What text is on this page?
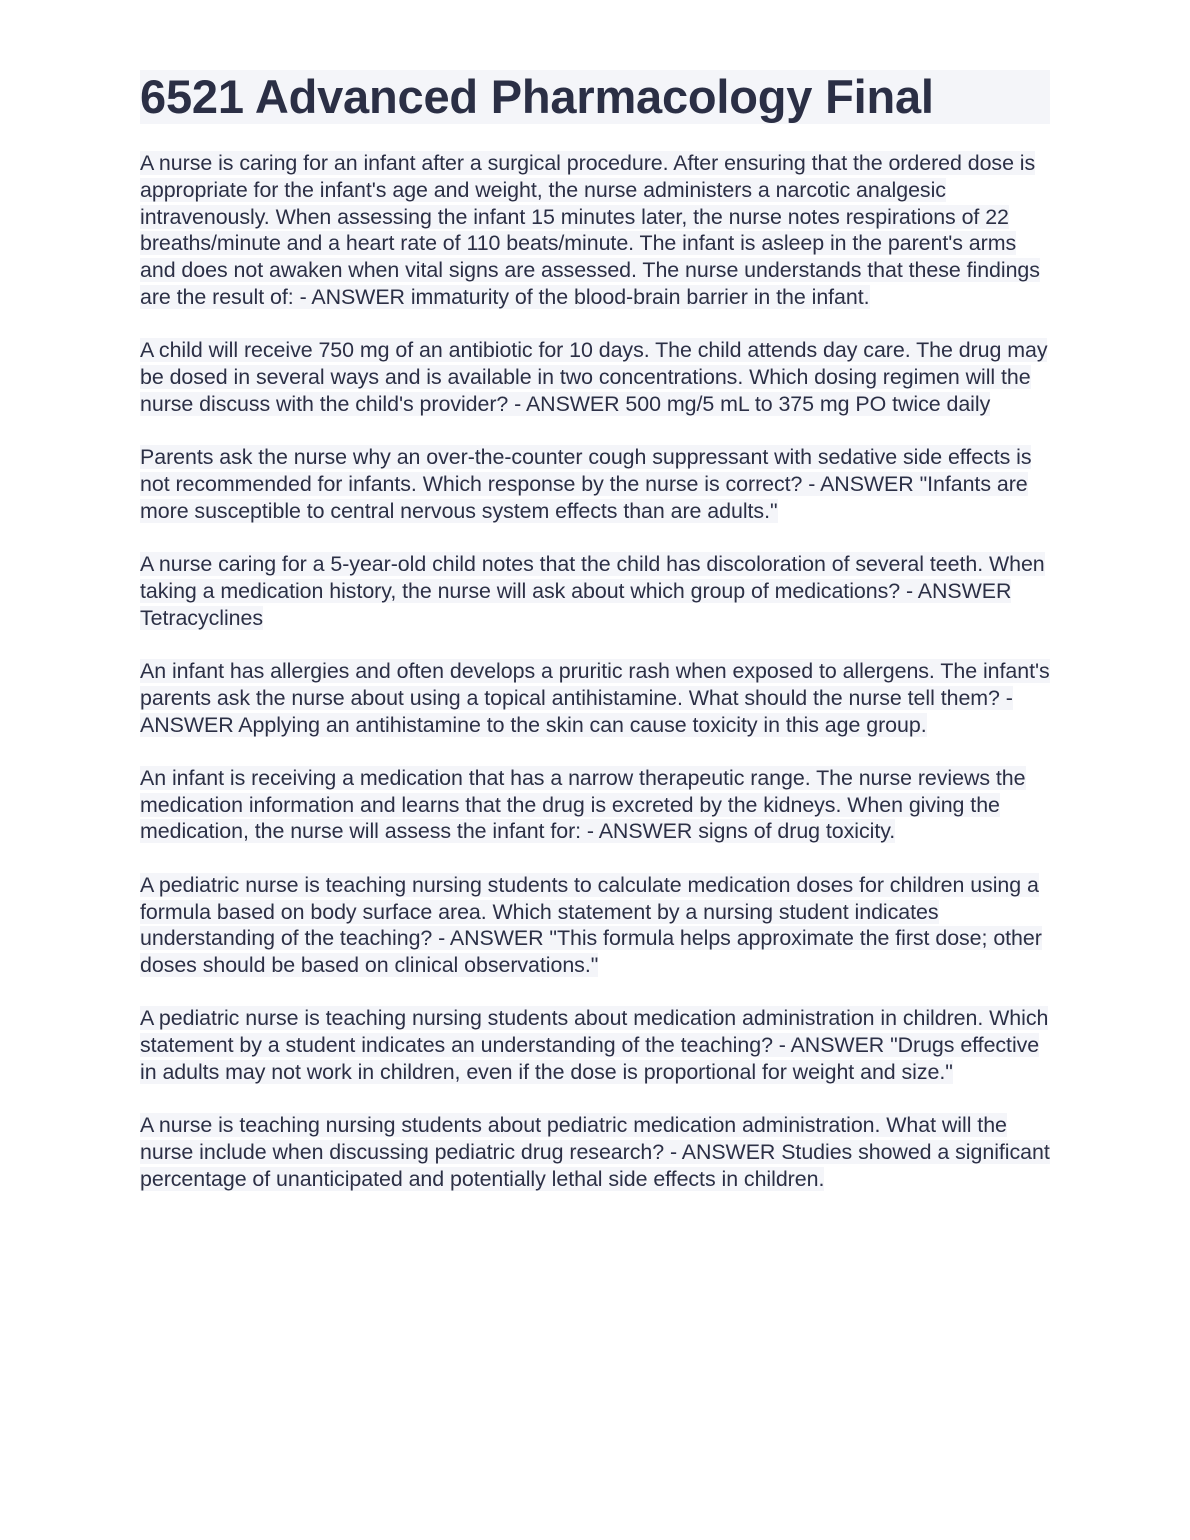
6521 Advanced Pharmacology Final

A nurse is caring for an infant after a surgical procedure. After ensuring that the ordered dose is appropriate for the infant's age and weight, the nurse administers a narcotic analgesic intravenously. When assessing the infant 15 minutes later, the nurse notes respirations of 22 breaths/minute and a heart rate of 110 beats/minute. The infant is asleep in the parent's arms and does not awaken when vital signs are assessed. The nurse understands that these findings are the result of: - ANSWER immaturity of the blood-brain barrier in the infant.

A child will receive 750 mg of an antibiotic for 10 days. The child attends day care. The drug may be dosed in several ways and is available in two concentrations. Which dosing regimen will the nurse discuss with the child's provider? - ANSWER 500 mg/5 mL to 375 mg PO twice daily

Parents ask the nurse why an over-the-counter cough suppressant with sedative side effects is not recommended for infants. Which response by the nurse is correct? - ANSWER "Infants are more susceptible to central nervous system effects than are adults."

A nurse caring for a 5-year-old child notes that the child has discoloration of several teeth. When taking a medication history, the nurse will ask about which group of medications? - ANSWER Tetracyclines

An infant has allergies and often develops a pruritic rash when exposed to allergens. The infant's parents ask the nurse about using a topical antihistamine. What should the nurse tell them? - ANSWER Applying an antihistamine to the skin can cause toxicity in this age group.

An infant is receiving a medication that has a narrow therapeutic range. The nurse reviews the medication information and learns that the drug is excreted by the kidneys. When giving the medication, the nurse will assess the infant for: - ANSWER signs of drug toxicity.

A pediatric nurse is teaching nursing students to calculate medication doses for children using a formula based on body surface area. Which statement by a nursing student indicates understanding of the teaching? - ANSWER "This formula helps approximate the first dose; other doses should be based on clinical observations."

A pediatric nurse is teaching nursing students about medication administration in children. Which statement by a student indicates an understanding of the teaching? - ANSWER "Drugs effective in adults may not work in children, even if the dose is proportional for weight and size."

A nurse is teaching nursing students about pediatric medication administration. What will the nurse include when discussing pediatric drug research? - ANSWER Studies showed a significant percentage of unanticipated and potentially lethal side effects in children.
